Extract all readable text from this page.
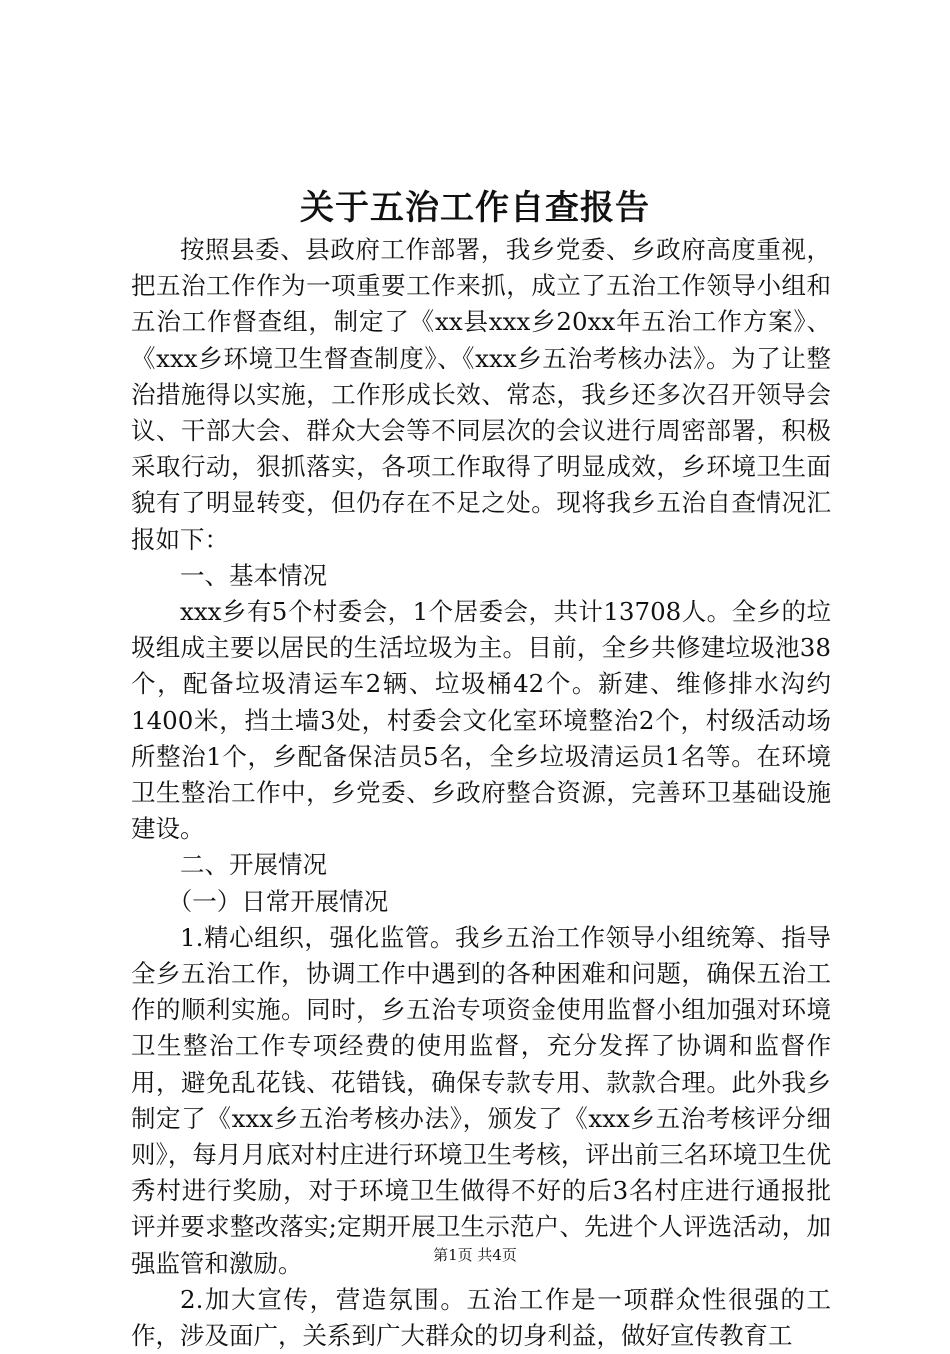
关于五治工作自查报告

按照县委、县政府工作部署，我乡党委、乡政府高度重视，把五治工作作为一项重要工作来抓，成立了五治工作领导小组和五治工作督查组，制定了《xx县xxx乡20xx年五治工作方案》、《xxx乡环境卫生督查制度》、《xxx乡五治考核办法》。为了让整治措施得以实施，工作形成长效、常态，我乡还多次召开领导会议、干部大会、群众大会等不同层次的会议进行周密部署，积极采取行动，狠抓落实，各项工作取得了明显成效，乡环境卫生面貌有了明显转变，但仍存在不足之处。现将我乡五治自查情况汇报如下：

一、基本情况

xxx乡有5个村委会，1个居委会，共计13708人。全乡的垃圾组成主要以居民的生活垃圾为主。目前，全乡共修建垃圾池38个，配备垃圾清运车2辆、垃圾桶42个。新建、维修排水沟约1400米，挡土墙3处，村委会文化室环境整治2个，村级活动场所整治1个，乡配备保洁员5名，全乡垃圾清运员1名等。在环境卫生整治工作中，乡党委、乡政府整合资源，完善环卫基础设施建设。

二、开展情况

（一）日常开展情况

1.精心组织，强化监管。我乡五治工作领导小组统筹、指导全乡五治工作，协调工作中遇到的各种困难和问题，确保五治工作的顺利实施。同时，乡五治专项资金使用监督小组加强对环境卫生整治工作专项经费的使用监督，充分发挥了协调和监督作用，避免乱花钱、花错钱，确保专款专用、款款合理。此外我乡制定了《xxx乡五治考核办法》，颁发了《xxx乡五治考核评分细则》，每月月底对村庄进行环境卫生考核，评出前三名环境卫生优秀村进行奖励，对于环境卫生做得不好的后3名村庄进行通报批评并要求整改落实;定期开展卫生示范户、先进个人评选活动，加强监管和激励。

2.加大宣传，营造氛围。五治工作是一项群众性很强的工作，涉及面广，关系到广大群众的切身利益，做好宣传教育工

第1页 共4页
